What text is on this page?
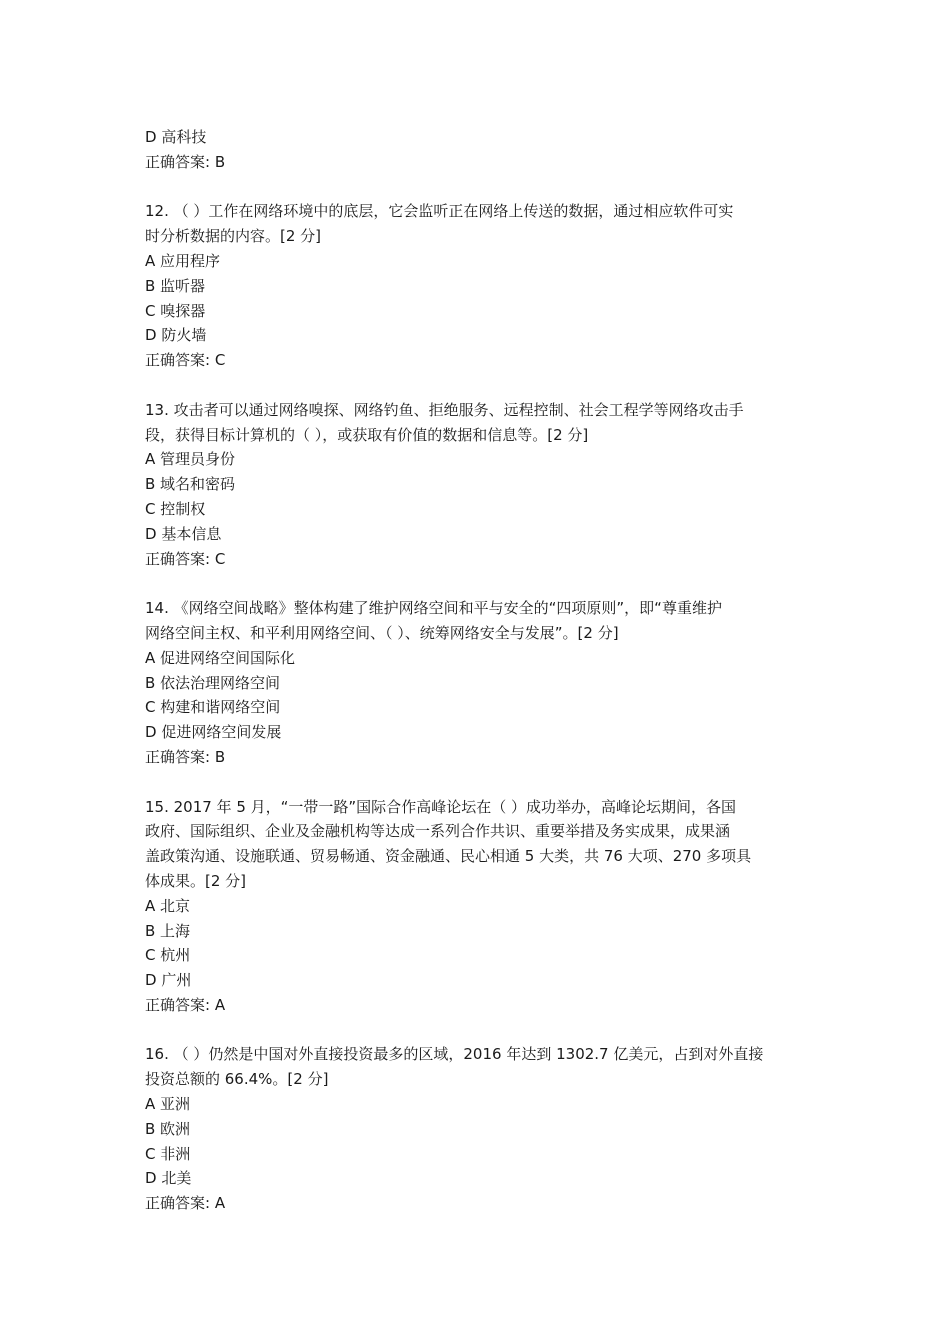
D 高科技

正确答案: B

12. （ ）工作在网络环境中的底层，它会监听正在网络上传送的数据，通过相应软件可实

时分析数据的内容。[2 分]

A 应用程序

B 监听器

C 嗅探器

D 防火墙

正确答案: C

13. 攻击者可以通过网络嗅探、网络钓鱼、拒绝服务、远程控制、社会工程学等网络攻击手

段，获得目标计算机的（ ），或获取有价值的数据和信息等。[2 分]

A 管理员身份

B 域名和密码

C 控制权

D 基本信息

正确答案: C

14. 《网络空间战略》整体构建了维护网络空间和平与安全的“四项原则”，即“尊重维护

网络空间主权、和平利用网络空间、（ ）、统筹网络安全与发展”。[2 分]

A 促进网络空间国际化

B 依法治理网络空间

C 构建和谐网络空间

D 促进网络空间发展

正确答案: B

15. 2017 年 5 月，“一带一路”国际合作高峰论坛在（ ）成功举办，高峰论坛期间，各国

政府、国际组织、企业及金融机构等达成一系列合作共识、重要举措及务实成果，成果涵

盖政策沟通、设施联通、贸易畅通、资金融通、民心相通 5 大类，共 76 大项、270 多项具

体成果。[2 分]

A 北京

B 上海

C 杭州

D 广州

正确答案: A

16. （ ）仍然是中国对外直接投资最多的区域，2016 年达到 1302.7 亿美元，占到对外直接

投资总额的 66.4%。[2 分]

A 亚洲

B 欧洲

C 非洲

D 北美

正确答案: A
